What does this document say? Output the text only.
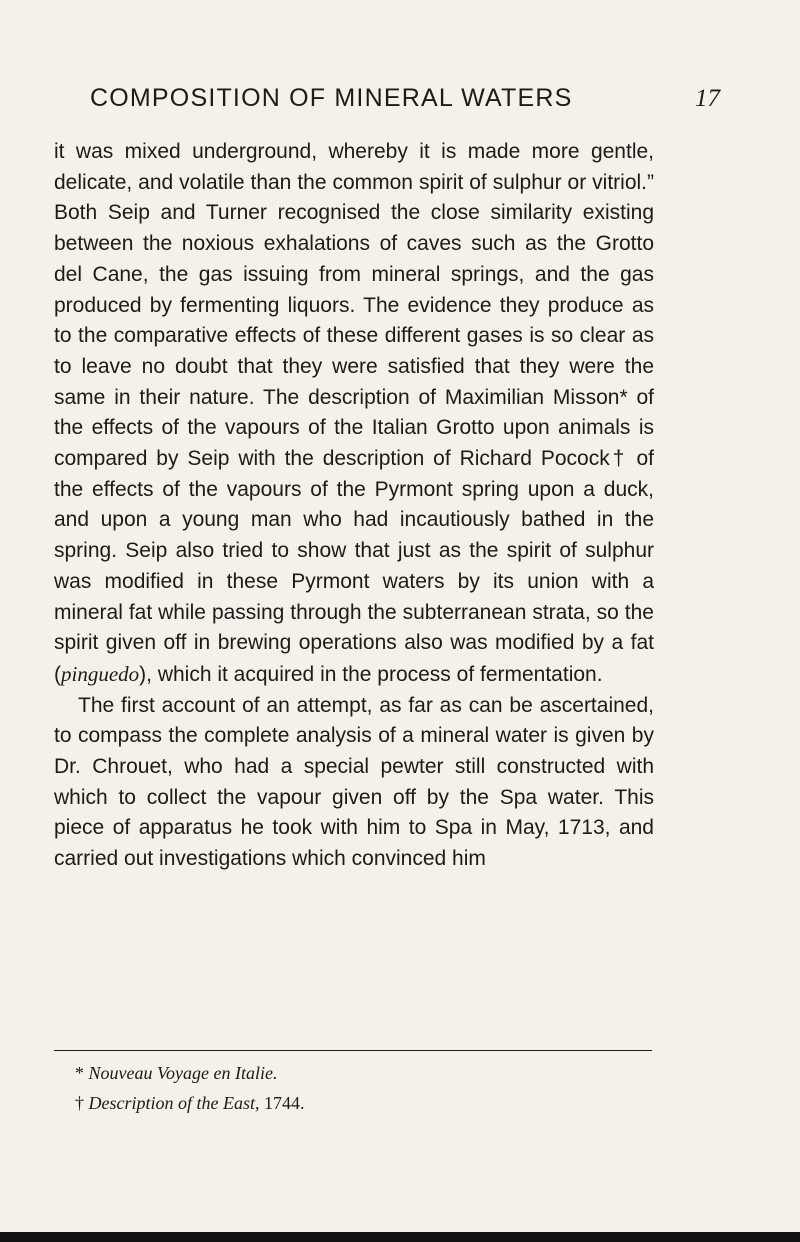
COMPOSITION OF MINERAL WATERS	17

it was mixed underground, whereby it is made more gentle, delicate, and volatile than the common spirit of sulphur or vitriol.” Both Seip and Turner recognised the close similarity existing between the noxious exhalations of caves such as the Grotto del Cane, the gas issuing from mineral springs, and the gas produced by fermenting liquors. The evidence they produce as to the comparative effects of these different gases is so clear as to leave no doubt that they were satisfied that they were the same in their nature. The description of Maximilian Misson* of the effects of the vapours of the Italian Grotto upon animals is compared by Seip with the description of Richard Pocock† of the effects of the vapours of the Pyrmont spring upon a duck, and upon a young man who had incautiously bathed in the spring. Seip also tried to show that just as the spirit of sulphur was modified in these Pyrmont waters by its union with a mineral fat while passing through the subterranean strata, so the spirit given off in brewing operations also was modified by a fat (pinguedo), which it acquired in the process of fermentation.

The first account of an attempt, as far as can be ascertained, to compass the complete analysis of a mineral water is given by Dr. Chrouet, who had a special pewter still constructed with which to collect the vapour given off by the Spa water. This piece of apparatus he took with him to Spa in May, 1713, and carried out investigations which convinced him

* Nouveau Voyage en Italie.
† Description of the East, 1744.
